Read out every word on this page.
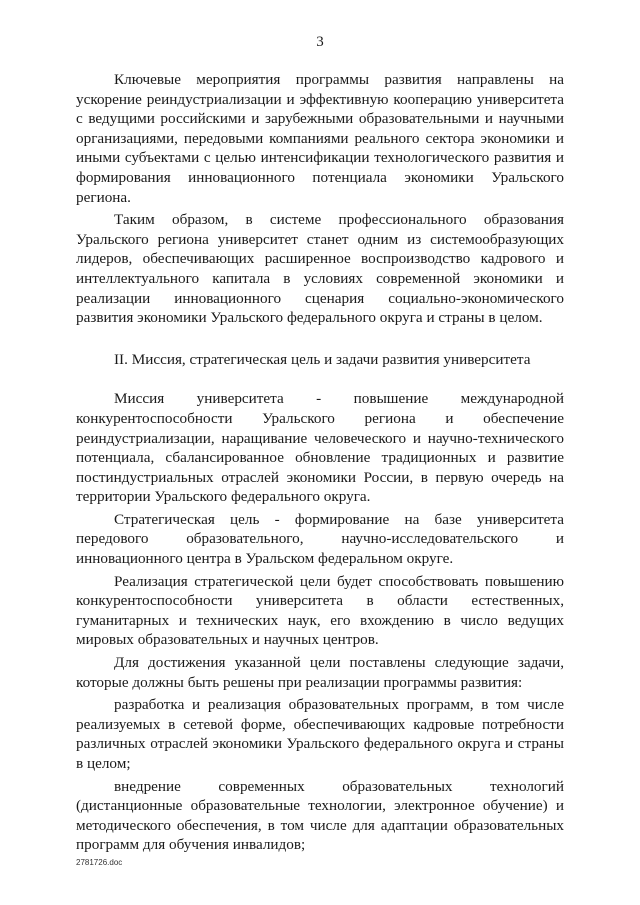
3

Ключевые мероприятия программы развития направлены на ускорение реиндустриализации и эффективную кооперацию университета с ведущими российскими и зарубежными образовательными и научными организациями, передовыми компаниями реального сектора экономики и иными субъектами с целью интенсификации технологического развития и формирования инновационного потенциала экономики Уральского региона.

Таким образом, в системе профессионального образования Уральского региона университет станет одним из системообразующих лидеров, обеспечивающих расширенное воспроизводство кадрового и интеллектуального капитала в условиях современной экономики и реализации инновационного сценария социально-экономического развития экономики Уральского федерального округа и страны в целом.

II. Миссия, стратегическая цель и задачи развития университета

Миссия университета - повышение международной конкурентоспособности Уральского региона и обеспечение реиндустриализации, наращивание человеческого и научно-технического потенциала, сбалансированное обновление традиционных и развитие постиндустриальных отраслей экономики России, в первую очередь на территории Уральского федерального округа.

Стратегическая цель - формирование на базе университета передового образовательного, научно-исследовательского и инновационного центра в Уральском федеральном округе.

Реализация стратегической цели будет способствовать повышению конкурентоспособности университета в области естественных, гуманитарных и технических наук, его вхождению в число ведущих мировых образовательных и научных центров.

Для достижения указанной цели поставлены следующие задачи, которые должны быть решены при реализации программы развития:

разработка и реализация образовательных программ, в том числе реализуемых в сетевой форме, обеспечивающих кадровые потребности различных отраслей экономики Уральского федерального округа и страны в целом;

внедрение современных образовательных технологий (дистанционные образовательные технологии, электронное обучение) и методического обеспечения, в том числе для адаптации образовательных программ для обучения инвалидов;

2781726.doc
